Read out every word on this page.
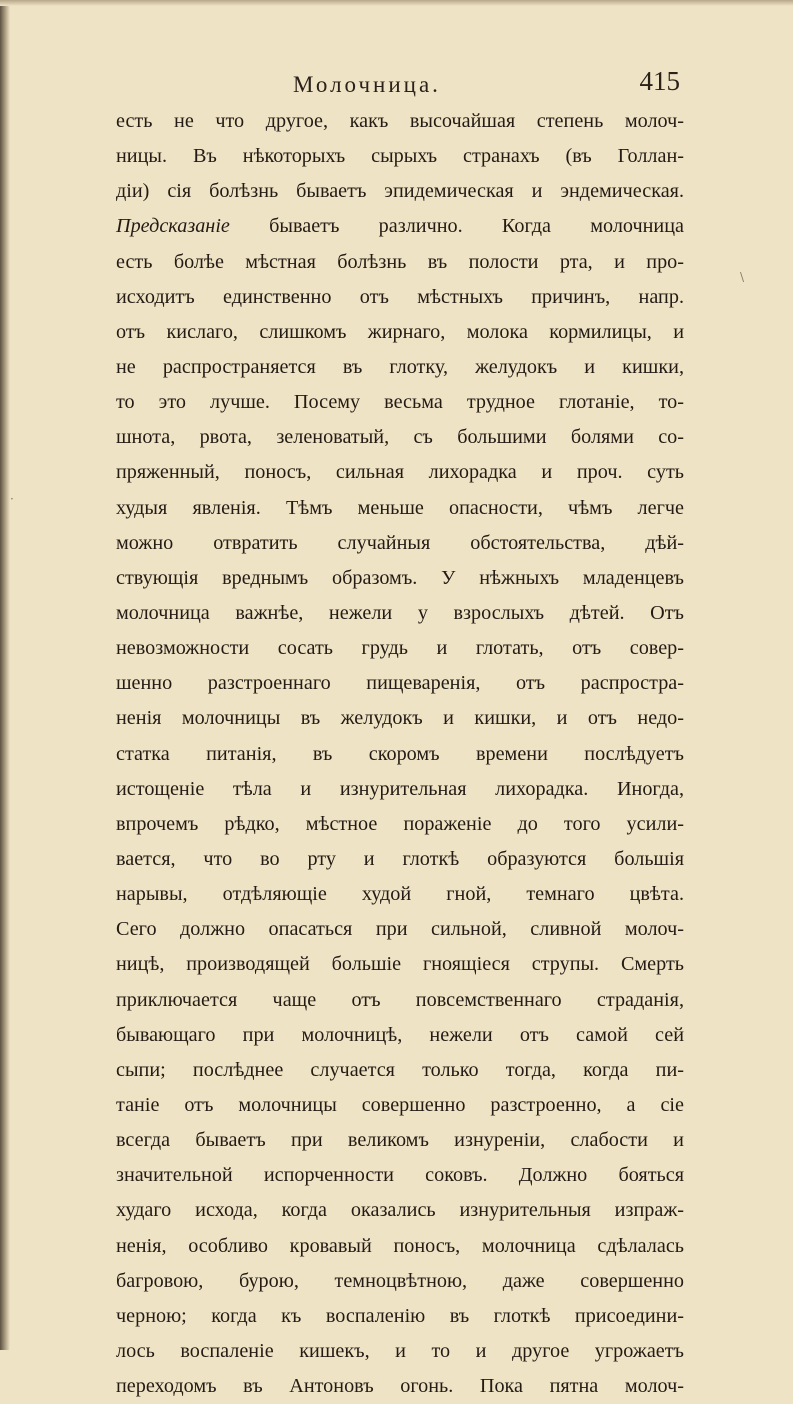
Молочница.	415
есть не что другое, какъ высочайшая степень молоч-
ницы. Въ нѣкоторыхъ сырыхъ странахъ (въ Голлан-
діи) сія болѣзнь бываетъ эпидемическая и эндемическая.
Предсказаніе бываетъ различно. Когда молочница
есть болѣе мѣстная болѣзнь въ полости рта, и про-
исходитъ единственно отъ мѣстныхъ причинъ, напр.
отъ кислаго, слишкомъ жирнаго, молока кормилицы, и
не распространяется въ глотку, желудокъ и кишки,
то это лучше. Посему весьма трудное глотаніе, то-
шнота, рвота, зеленоватый, съ большими болями со-
пряженный, поносъ, сильная лихорадка и проч. суть
худыя явленія. Тѣмъ меньше опасности, чѣмъ легче
можно отвратить случайныя обстоятельства, дѣй-
ствующія вреднымъ образомъ. У нѣжныхъ младенцевъ
молочница важнѣе, нежели у взрослыхъ дѣтей. Отъ
невозможности сосать грудь и глотать, отъ совер-
шенно разстроеннаго пищеваренія, отъ распростра-
ненія молочницы въ желудокъ и кишки, и отъ недо-
статка питанія, въ скоромъ времени послѣдуетъ
истощеніе тѣла и изнурительная лихорадка. Иногда,
впрочемъ рѣдко, мѣстное пораженіе до того усили-
вается, что во рту и глоткѣ образуются большія
нарывы, отдѣляющіе худой гной, темнаго цвѣта.
Сего должно опасаться при сильной, сливной молоч-
ницѣ, производящей большіе гноящіеся струпы. Смерть
приключается чаще отъ повсемственнаго страданія,
бывающаго при молочницѣ, нежели отъ самой сей
сыпи; послѣднее случается только тогда, когда пи-
таніе отъ молочницы совершенно разстроенно, а сіе
всегда бываетъ при великомъ изнуреніи, слабости и
значительной испорченности соковъ. Должно бояться
худаго исхода, когда оказались изнурительныя изпраж-
ненія, особливо кровавый поносъ, молочница сдѣлалась
багровою, бурою, темноцвѣтною, даже совершенно
черною; когда къ воспаленію въ глоткѣ присоедини-
лось воспаленіе кишекъ, и то и другое угрожаетъ
переходомъ въ Антоновъ огонь. Пока пятна молоч-
·
\
